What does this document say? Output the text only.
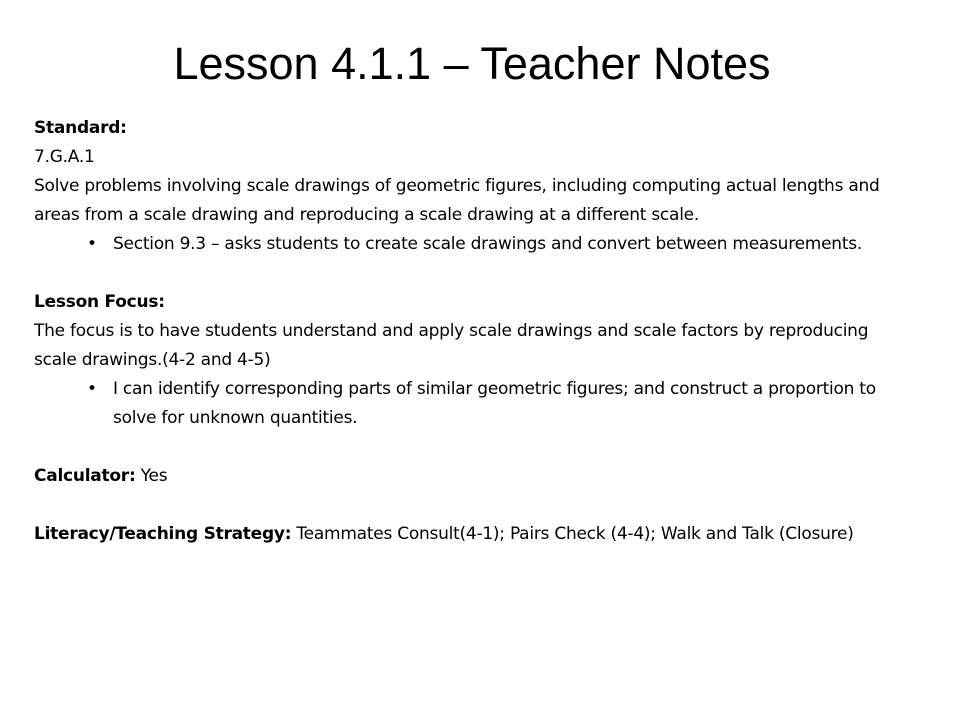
Lesson 4.1.1 – Teacher Notes

Standard:

7.G.A.1

Solve problems involving scale drawings of geometric figures, including computing actual lengths and areas from a scale drawing and reproducing a scale drawing at a different scale.

• Section 9.3 – asks students to create scale drawings and convert between measurements.

Lesson Focus:

The focus is to have students understand and apply scale drawings and scale factors by reproducing scale drawings.(4-2 and 4-5)

• I can identify corresponding parts of similar geometric figures; and construct a proportion to solve for unknown quantities.

Calculator: Yes

Literacy/Teaching Strategy: Teammates Consult(4-1); Pairs Check (4-4); Walk and Talk (Closure)
